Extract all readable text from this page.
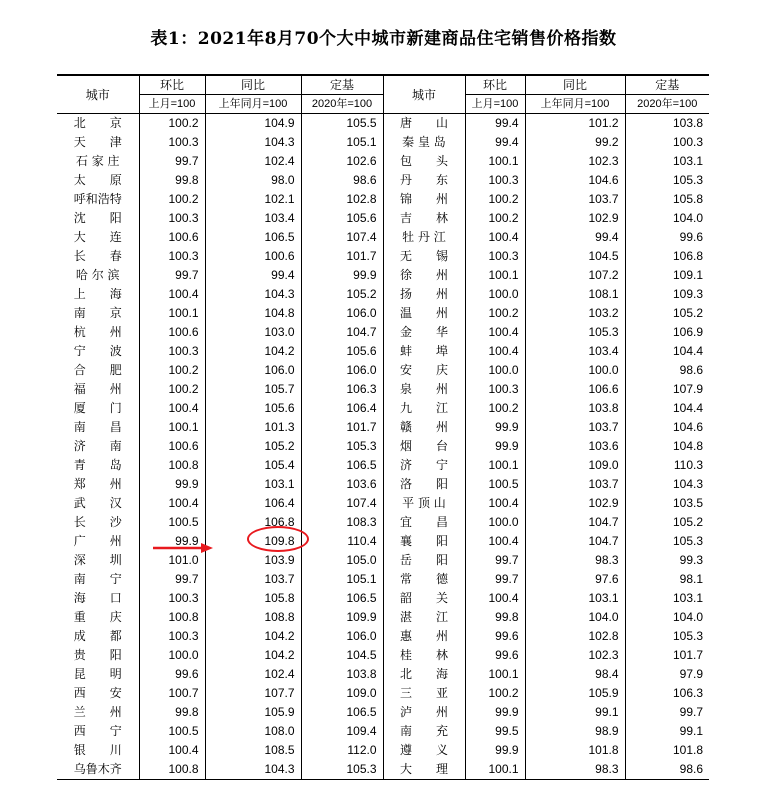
表1：2021年8月70个大中城市新建商品住宅销售价格指数
城市	环比	同比	定基	城市	环比	同比	定基
	上月=100	上年同月=100	2020年=100		上月=100	上年同月=100	2020年=100
北　　京	100.2	104.9	105.5	唐　　山	99.4	101.2	103.8
天　　津	100.3	104.3	105.1	秦 皇 岛	99.4	99.2	100.3
石 家 庄	99.7	102.4	102.6	包　　头	100.1	102.3	103.1
太　　原	99.8	98.0	98.6	丹　　东	100.3	104.6	105.3
呼和浩特	100.2	102.1	102.8	锦　　州	100.2	103.7	105.8
沈　　阳	100.3	103.4	105.6	吉　　林	100.2	102.9	104.0
大　　连	100.6	106.5	107.4	牡 丹 江	100.4	99.4	99.6
长　　春	100.3	100.6	101.7	无　　锡	100.3	104.5	106.8
哈 尔 滨	99.7	99.4	99.9	徐　　州	100.1	107.2	109.1
上　　海	100.4	104.3	105.2	扬　　州	100.0	108.1	109.3
南　　京	100.1	104.8	106.0	温　　州	100.2	103.2	105.2
杭　　州	100.6	103.0	104.7	金　　华	100.4	105.3	106.9
宁　　波	100.3	104.2	105.6	蚌　　埠	100.4	103.4	104.4
合　　肥	100.2	106.0	106.0	安　　庆	100.0	100.0	98.6
福　　州	100.2	105.7	106.3	泉　　州	100.3	106.6	107.9
厦　　门	100.4	105.6	106.4	九　　江	100.2	103.8	104.4
南　　昌	100.1	101.3	101.7	赣　　州	99.9	103.7	104.6
济　　南	100.6	105.2	105.3	烟　　台	99.9	103.6	104.8
青　　岛	100.8	105.4	106.5	济　　宁	100.1	109.0	110.3
郑　　州	99.9	103.1	103.6	洛　　阳	100.5	103.7	104.3
武　　汉	100.4	106.4	107.4	平 顶 山	100.4	102.9	103.5
长　　沙	100.5	106.8	108.3	宜　　昌	100.0	104.7	105.2
广　　州	99.9	109.8	110.4	襄　　阳	100.4	104.7	105.3
深　　圳	101.0	103.9	105.0	岳　　阳	99.7	98.3	99.3
南　　宁	99.7	103.7	105.1	常　　德	99.7	97.6	98.1
海　　口	100.3	105.8	106.5	韶　　关	100.4	103.1	103.1
重　　庆	100.8	108.8	109.9	湛　　江	99.8	104.0	104.0
成　　都	100.3	104.2	106.0	惠　　州	99.6	102.8	105.3
贵　　阳	100.0	104.2	104.5	桂　　林	99.6	102.3	101.7
昆　　明	99.6	102.4	103.8	北　　海	100.1	98.4	97.9
西　　安	100.7	107.7	109.0	三　　亚	100.2	105.9	106.3
兰　　州	99.8	105.9	106.5	泸　　州	99.9	99.1	99.7
西　　宁	100.5	108.0	109.4	南　　充	99.5	98.9	99.1
银　　川	100.4	108.5	112.0	遵　　义	99.9	101.8	101.8
乌鲁木齐	100.8	104.3	105.3	大　　理	100.1	98.3	98.6
